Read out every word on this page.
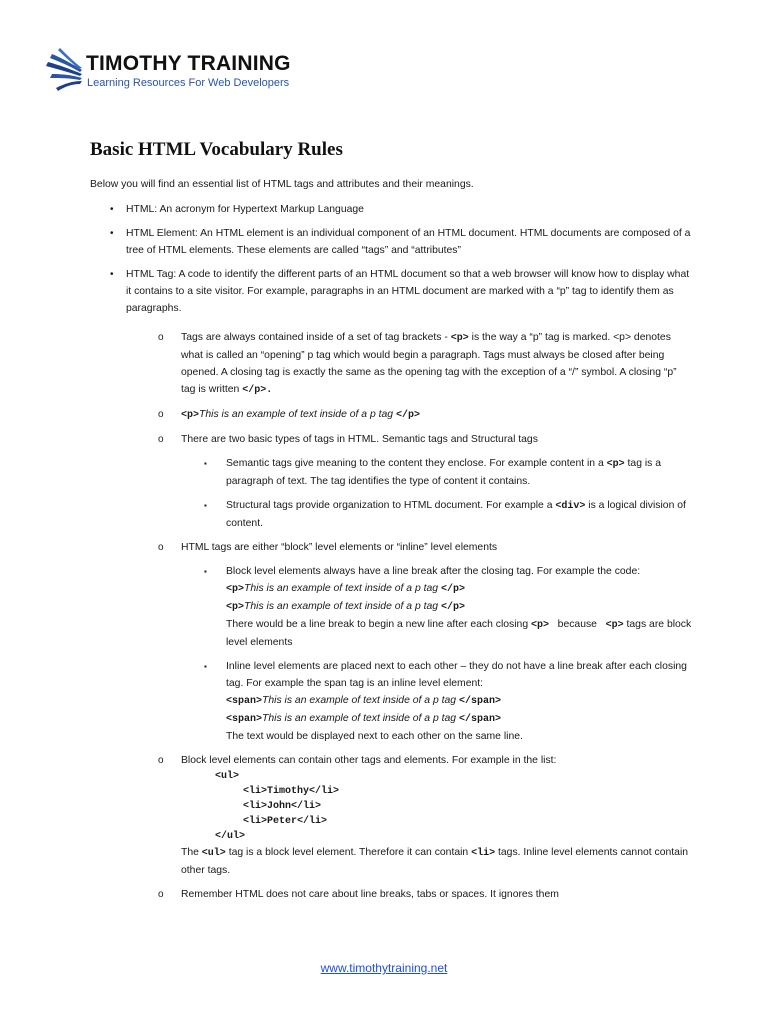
TIMOTHY TRAINING
Learning Resources For Web Developers
Basic HTML Vocabulary Rules

Below you will find an essential list of HTML tags and attributes and their meanings.

• HTML: An acronym for Hypertext Markup Language
• HTML Element: An HTML element is an individual component of an HTML document. HTML documents are composed of a tree of HTML elements. These elements are called “tags” and “attributes”
• HTML Tag: A code to identify the different parts of an HTML document so that a web browser will know how to display what it contains to a site visitor. For example, paragraphs in an HTML document are marked with a “p” tag to identify them as paragraphs.
o Tags are always contained inside of a set of tag brackets - <p> is the way a “p” tag is marked. <p> denotes what is called an “opening” p tag which would begin a paragraph. Tags must always be closed after being opened. A closing tag is exactly the same as the opening tag with the exception of a “/” symbol. A closing “p” tag is written </p>.
o <p>This is an example of text inside of a p tag </p>
o There are two basic types of tags in HTML. Semantic tags and Structural tags
▪ Semantic tags give meaning to the content they enclose. For example content in a <p> tag is a paragraph of text. The tag identifies the type of content it contains.
▪ Structural tags provide organization to HTML document. For example a <div> is a logical division of content.
o HTML tags are either “block” level elements or “inline” level elements
▪ Block level elements always have a line break after the closing tag. For example the code:
<p>This is an example of text inside of a p tag </p>
<p>This is an example of text inside of a p tag </p>
There would be a line break to begin a new line after each closing <p>   because   <p> tags are block level elements
▪ Inline level elements are placed next to each other – they do not have a line break after each closing tag. For example the span tag is an inline level element:
<span>This is an example of text inside of a p tag </span>
<span>This is an example of text inside of a p tag </span>
The text would be displayed next to each other on the same line.
o Block level elements can contain other tags and elements. For example in the list:
<ul>
<li>Timothy</li>
<li>John</li>
<li>Peter</li>
</ul>
The <ul> tag is a block level element. Therefore it can contain <li> tags. Inline level elements cannot contain other tags.
o Remember HTML does not care about line breaks, tabs or spaces. It ignores them
www.timothytraining.net
